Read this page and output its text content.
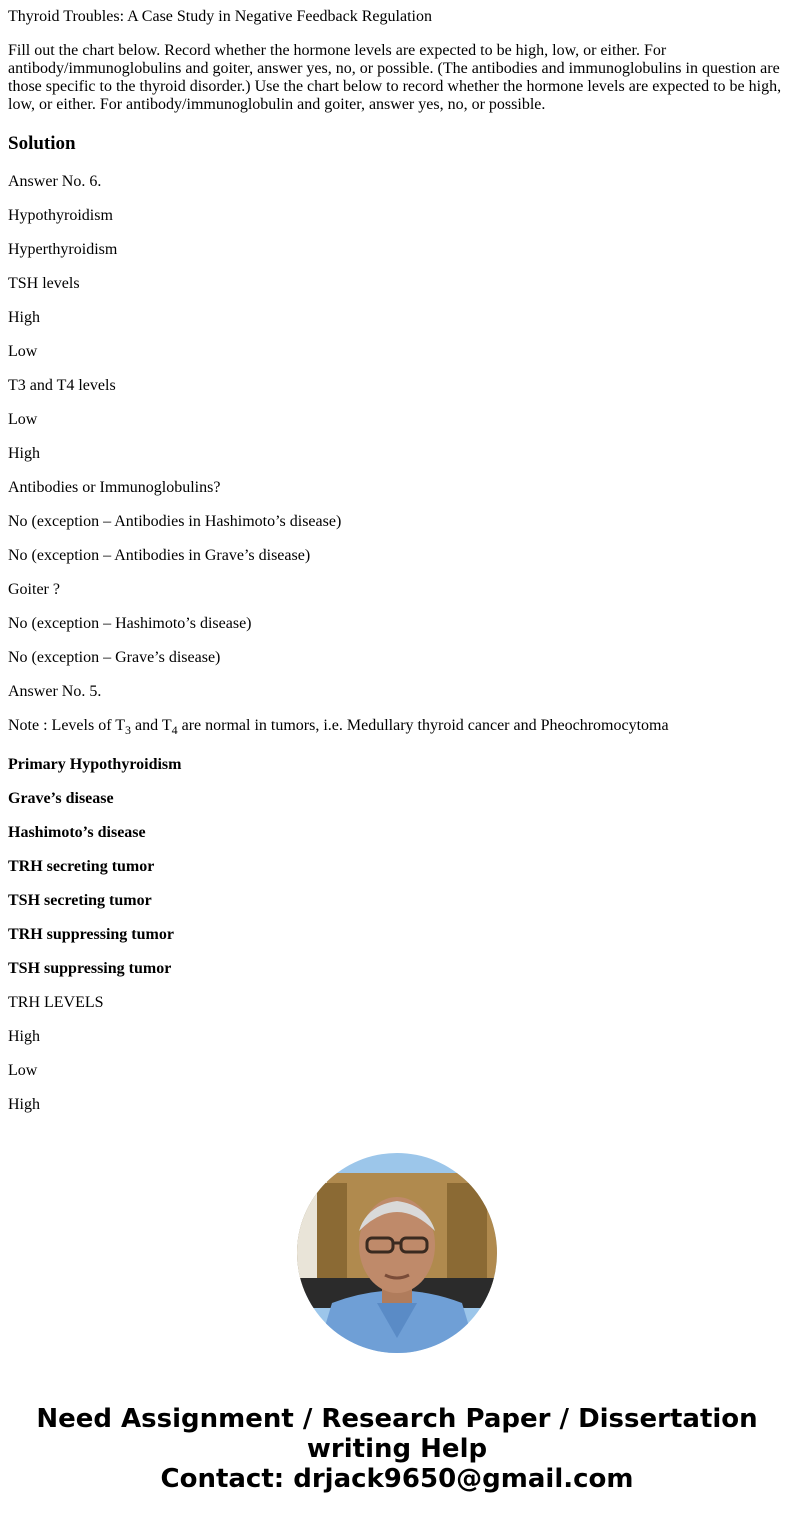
Thyroid Troubles: A Case Study in Negative Feedback Regulation

Fill out the chart below. Record whether the hormone levels are expected to be high, low, or either. For antibody/immunoglobulins and goiter, answer yes, no, or possible. (The antibodies and immunoglobulins in question are those specific to the thyroid disorder.) Use the chart below to record whether the hormone levels are expected to be high, low, or either. For antibody/immunoglobulin and goiter, answer yes, no, or possible.

Solution

Answer No. 6.

Hypothyroidism

Hyperthyroidism

TSH levels

High

Low

T3 and T4 levels

Low

High

Antibodies or Immunoglobulins?

No (exception – Antibodies in Hashimoto’s disease)

No (exception – Antibodies in Grave’s disease)

Goiter ?

No (exception – Hashimoto’s disease)

No (exception – Grave’s disease)

Answer No. 5.

Note : Levels of $T_3$ and $T_4$ are normal in tumors, i.e. Medullary thyroid cancer and Pheochromocytoma

Primary Hypothyroidism

Grave’s disease

Hashimoto’s disease

TRH secreting tumor

TSH secreting tumor

TRH suppressing tumor

TSH suppressing tumor

TRH LEVELS

High

Low

High

Need Assignment / Research Paper / Dissertation
writing Help
Contact: drjack9650@gmail.com
